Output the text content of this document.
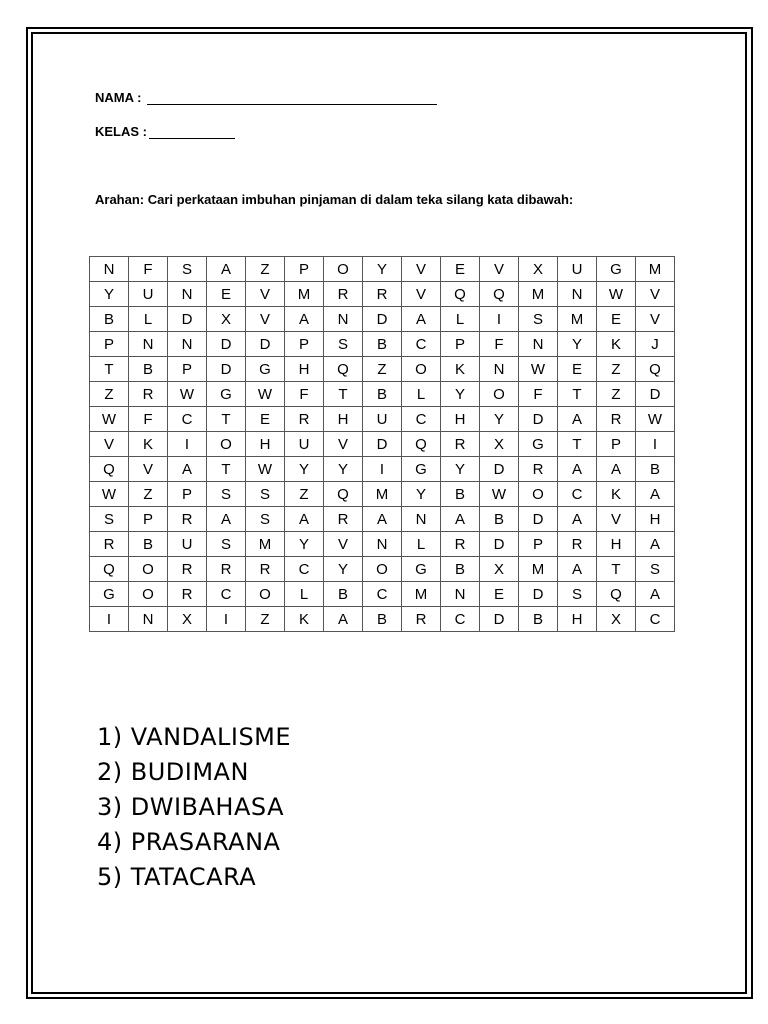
NAMA :
KELAS :
Arahan: Cari perkataan imbuhan pinjaman di dalam teka silang kata dibawah:
N	F	S	A	Z	P	O	Y	V	E	V	X	U	G	M
Y	U	N	E	V	M	R	R	V	Q	Q	M	N	W	V
B	L	D	X	V	A	N	D	A	L	I	S	M	E	V
P	N	N	D	D	P	S	B	C	P	F	N	Y	K	J
T	B	P	D	G	H	Q	Z	O	K	N	W	E	Z	Q
Z	R	W	G	W	F	T	B	L	Y	O	F	T	Z	D
W	F	C	T	E	R	H	U	C	H	Y	D	A	R	W
V	K	I	O	H	U	V	D	Q	R	X	G	T	P	I
Q	V	A	T	W	Y	Y	I	G	Y	D	R	A	A	B
W	Z	P	S	S	Z	Q	M	Y	B	W	O	C	K	A
S	P	R	A	S	A	R	A	N	A	B	D	A	V	H
R	B	U	S	M	Y	V	N	L	R	D	P	R	H	A
Q	O	R	R	R	C	Y	O	G	B	X	M	A	T	S
G	O	R	C	O	L	B	C	M	N	E	D	S	Q	A
I	N	X	I	Z	K	A	B	R	C	D	B	H	X	C
1) VANDALISME
2) BUDIMAN
3) DWIBAHASA
4) PRASARANA
5) TATACARA
